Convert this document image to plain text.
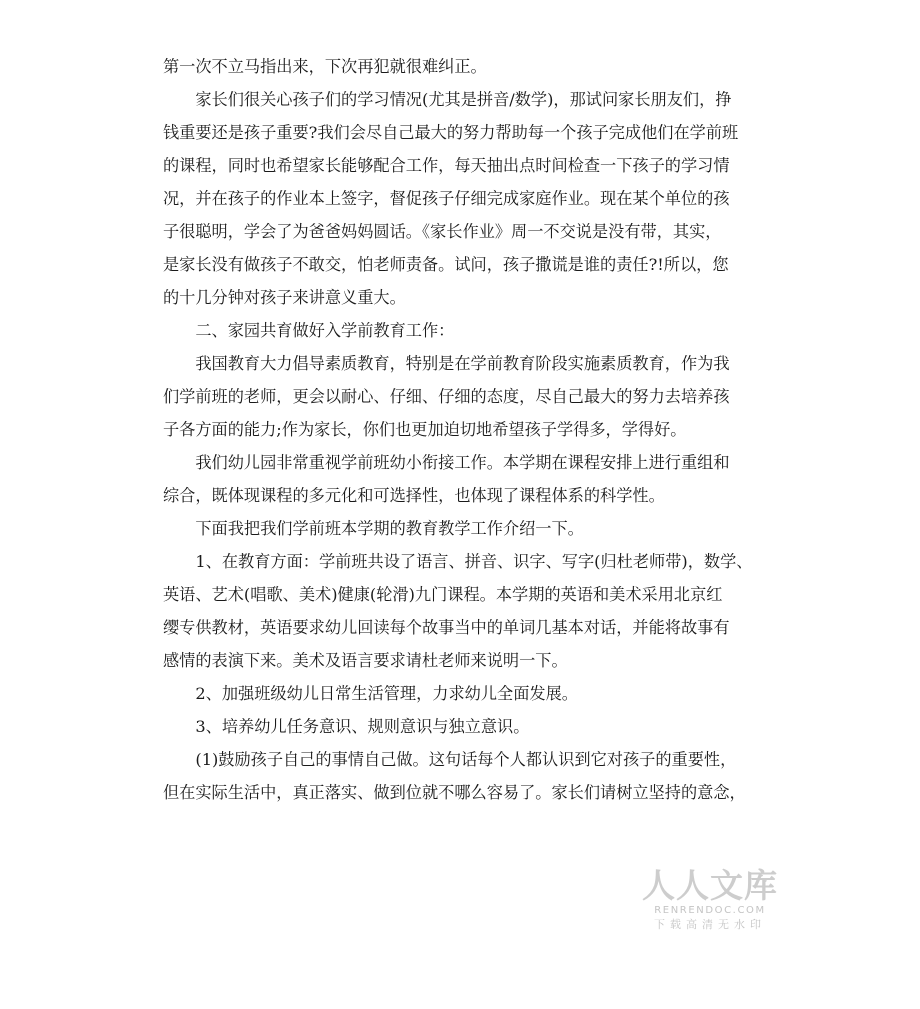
第一次不立马指出来，下次再犯就很难纠正。
　　家长们很关心孩子们的学习情况(尤其是拼音/数学)，那试问家长朋友们，挣
钱重要还是孩子重要?我们会尽自己最大的努力帮助每一个孩子完成他们在学前班
的课程，同时也希望家长能够配合工作，每天抽出点时间检查一下孩子的学习情
况，并在孩子的作业本上签字，督促孩子仔细完成家庭作业。现在某个单位的孩
子很聪明，学会了为爸爸妈妈圆话。《家长作业》周一不交说是没有带，其实，
是家长没有做孩子不敢交，怕老师责备。试问，孩子撒谎是谁的责任?!所以，您
的十几分钟对孩子来讲意义重大。
　　二、家园共育做好入学前教育工作：
　　我国教育大力倡导素质教育，特别是在学前教育阶段实施素质教育，作为我
们学前班的老师，更会以耐心、仔细、仔细的态度，尽自己最大的努力去培养孩
子各方面的能力;作为家长，你们也更加迫切地希望孩子学得多，学得好。
　　我们幼儿园非常重视学前班幼小衔接工作。本学期在课程安排上进行重组和
综合，既体现课程的多元化和可选择性，也体现了课程体系的科学性。
　　下面我把我们学前班本学期的教育教学工作介绍一下。
　　1、在教育方面：学前班共设了语言、拼音、识字、写字(归杜老师带)，数学、
英语、艺术(唱歌、美术)健康(轮滑)九门课程。本学期的英语和美术采用北京红
缨专供教材，英语要求幼儿回读每个故事当中的单词几基本对话，并能将故事有
感情的表演下来。美术及语言要求请杜老师来说明一下。
　　2、加强班级幼儿日常生活管理，力求幼儿全面发展。
　　3、培养幼儿任务意识、规则意识与独立意识。
　　(1)鼓励孩子自己的事情自己做。这句话每个人都认识到它对孩子的重要性，
但在实际生活中，真正落实、做到位就不哪么容易了。家长们请树立坚持的意念，
人人文库
RENRENDOC.COM
下载高清无水印
